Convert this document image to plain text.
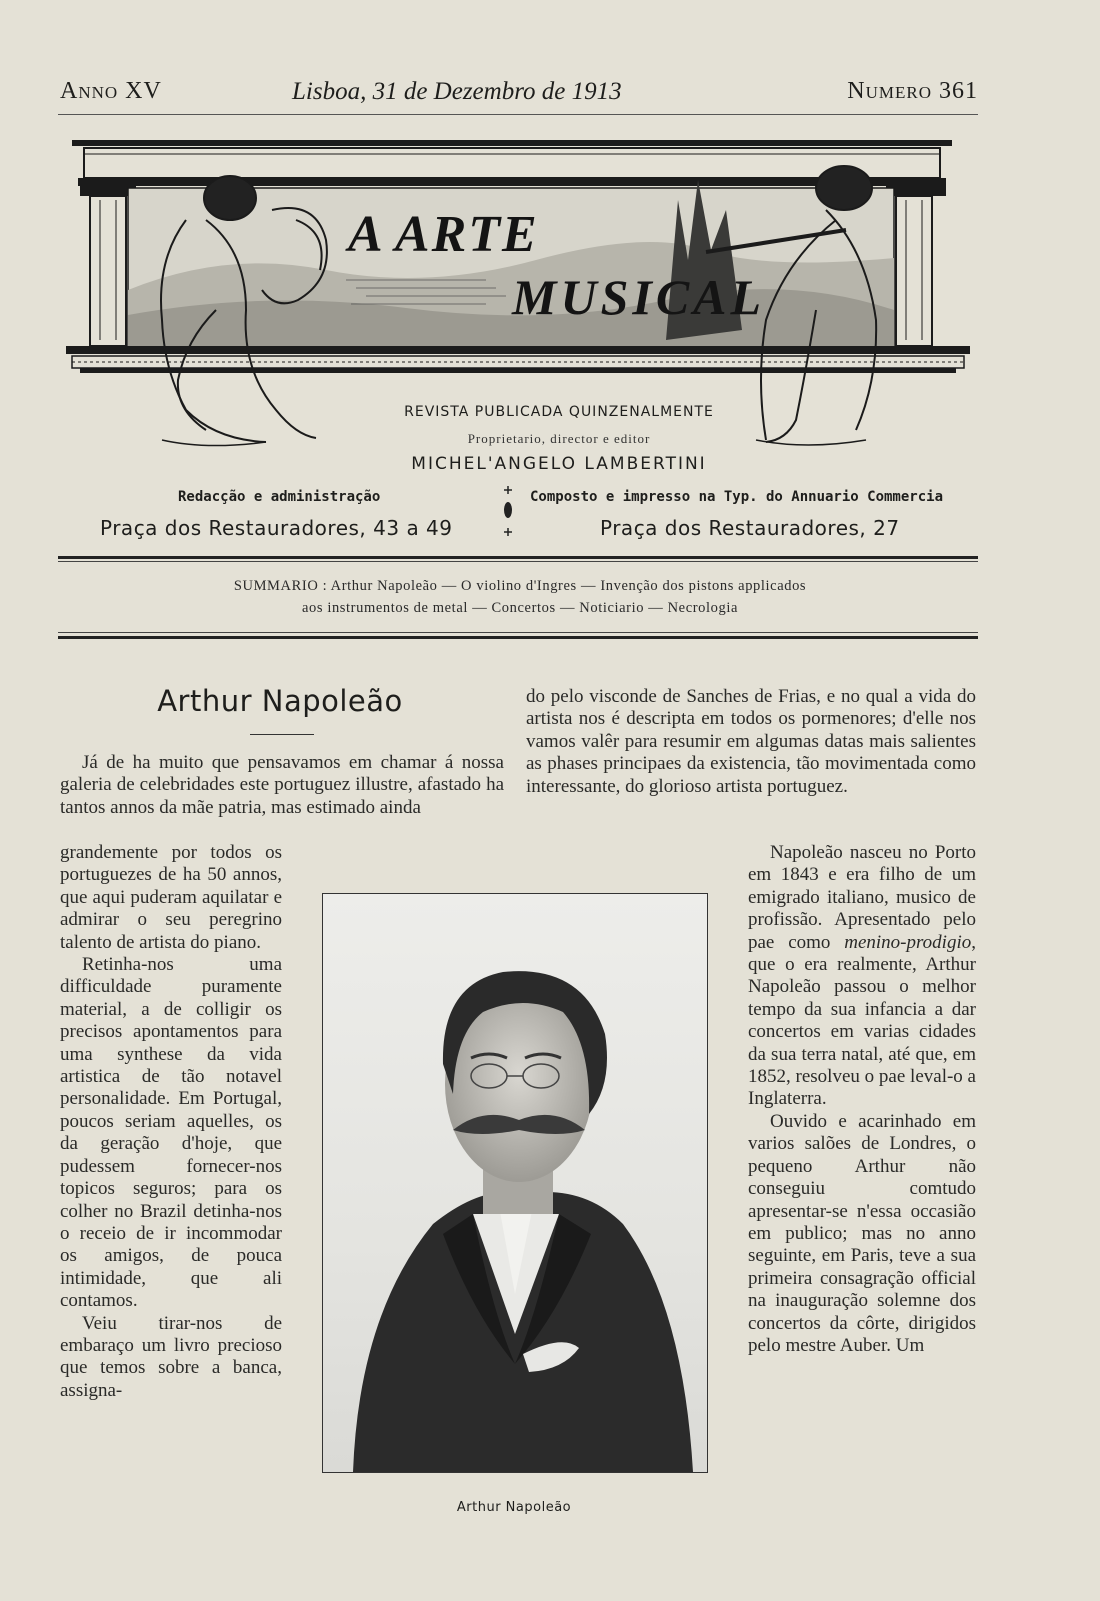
Anno XV	Lisboa, 31 de Dezembro de 1913	Numero 361
A ARTE
MUSICAL
REVISTA PUBLICADA QUINZENALMENTE
Proprietario, director e editor
MICHEL'ANGELO LAMBERTINI
Redacção e administração
Praça dos Restauradores, 43 a 49
Composto e impresso na Typ. do Annuario Commercia
Praça dos Restauradores, 27
SUMMARIO : Arthur Napoleão — O violino d'Ingres — Invenção dos pistons applicados
aos instrumentos de metal — Concertos — Noticiario — Necrologia
Arthur Napoleão

Já de ha muito que pensavamos em chamar á nossa galeria de celebridades este portuguez illustre, afastado ha tantos annos da mãe patria, mas estimado ainda

grandemente por todos os portuguezes de ha 50 annos, que aqui puderam aquilatar e admirar o seu peregrino talento de artista do piano.

Retinha-nos uma difficuldade puramente material, a de colligir os precisos apontamentos para uma synthese da vida artistica de tão notavel personalidade. Em Portugal, poucos seriam aquelles, os da geração d'hoje, que pudessem fornecer-nos topicos seguros; para os colher no Brazil detinha-nos o receio de ir incommodar os amigos, de pouca intimidade, que ali contamos.

Veiu tirar-nos de embaraço um livro precioso que temos sobre a banca, assigna-

do pelo visconde de Sanches de Frias, e no qual a vida do artista nos é descripta em todos os pormenores; d'elle nos vamos valêr para resumir em algumas datas mais salientes as phases principaes da existencia, tão movimentada como interessante, do glorioso artista portuguez.

Napoleão nasceu no Porto em 1843 e era filho de um emigrado italiano, musico de profissão. Apresentado pelo pae como menino-prodigio, que o era realmente, Arthur Napoleão passou o melhor tempo da sua infancia a dar concertos em varias cidades da sua terra natal, até que, em 1852, resolveu o pae leval-o a Inglaterra.

Ouvido e acarinhado em varios salões de Londres, o pequeno Arthur não conseguiu comtudo apresentar-se n'essa occasião em publico; mas no anno seguinte, em Paris, teve a sua primeira consagração official na inauguração solemne dos concertos da côrte, dirigidos pelo mestre Auber. Um

Arthur Napoleão
